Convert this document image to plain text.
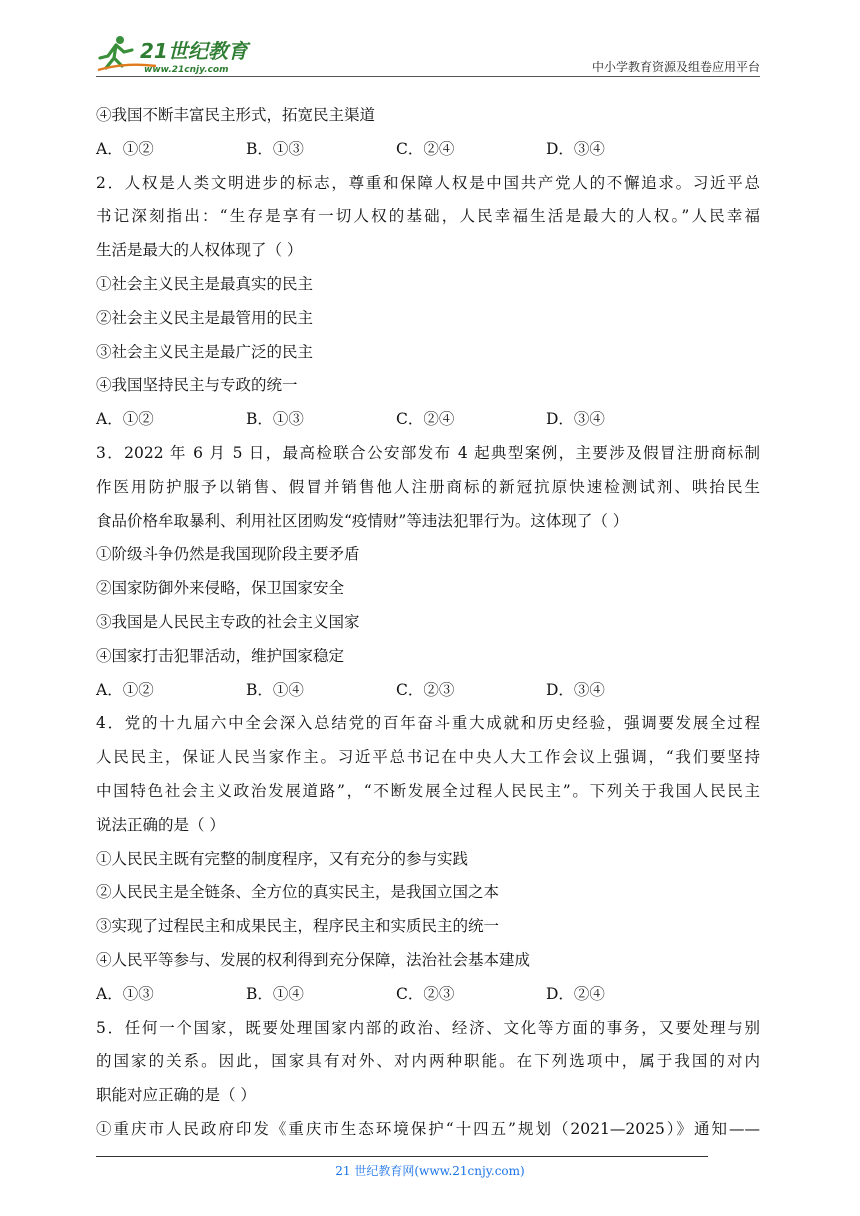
21世纪教育
www.21cnjy.com	中小学教育资源及组卷应用平台
④我国不断丰富民主形式，拓宽民主渠道
A．①②	B．①③	C．②④	D．③④
2．人权是人类文明进步的标志，尊重和保障人权是中国共产党人的不懈追求。习近平总
书记深刻指出：“生存是享有一切人权的基础，人民幸福生活是最大的人权。”人民幸福
生活是最大的人权体现了（ ）
①社会主义民主是最真实的民主
②社会主义民主是最管用的民主
③社会主义民主是最广泛的民主
④我国坚持民主与专政的统一
A．①②	B．①③	C．②④	D．③④
3．2022 年 6 月 5 日，最高检联合公安部发布 4 起典型案例，主要涉及假冒注册商标制
作医用防护服予以销售、假冒并销售他人注册商标的新冠抗原快速检测试剂、哄抬民生
食品价格牟取暴利、利用社区团购发“疫情财”等违法犯罪行为。这体现了（ ）
①阶级斗争仍然是我国现阶段主要矛盾
②国家防御外来侵略，保卫国家安全
③我国是人民民主专政的社会主义国家
④国家打击犯罪活动，维护国家稳定
A．①②	B．①④	C．②③	D．③④
4．党的十九届六中全会深入总结党的百年奋斗重大成就和历史经验，强调要发展全过程
人民民主，保证人民当家作主。习近平总书记在中央人大工作会议上强调，“我们要坚持
中国特色社会主义政治发展道路”，“不断发展全过程人民民主”。下列关于我国人民民主
说法正确的是（ ）
①人民民主既有完整的制度程序，又有充分的参与实践
②人民民主是全链条、全方位的真实民主，是我国立国之本
③实现了过程民主和成果民主，程序民主和实质民主的统一
④人民平等参与、发展的权利得到充分保障，法治社会基本建成
A．①③	B．①④	C．②③	D．②④
5．任何一个国家，既要处理国家内部的政治、经济、文化等方面的事务，又要处理与别
的国家的关系。因此，国家具有对外、对内两种职能。在下列选项中，属于我国的对内
职能对应正确的是（ ）
①重庆市人民政府印发《重庆市生态环境保护“十四五”规划（2021—2025）》通知——
21 世纪教育网(www.21cnjy.com)
